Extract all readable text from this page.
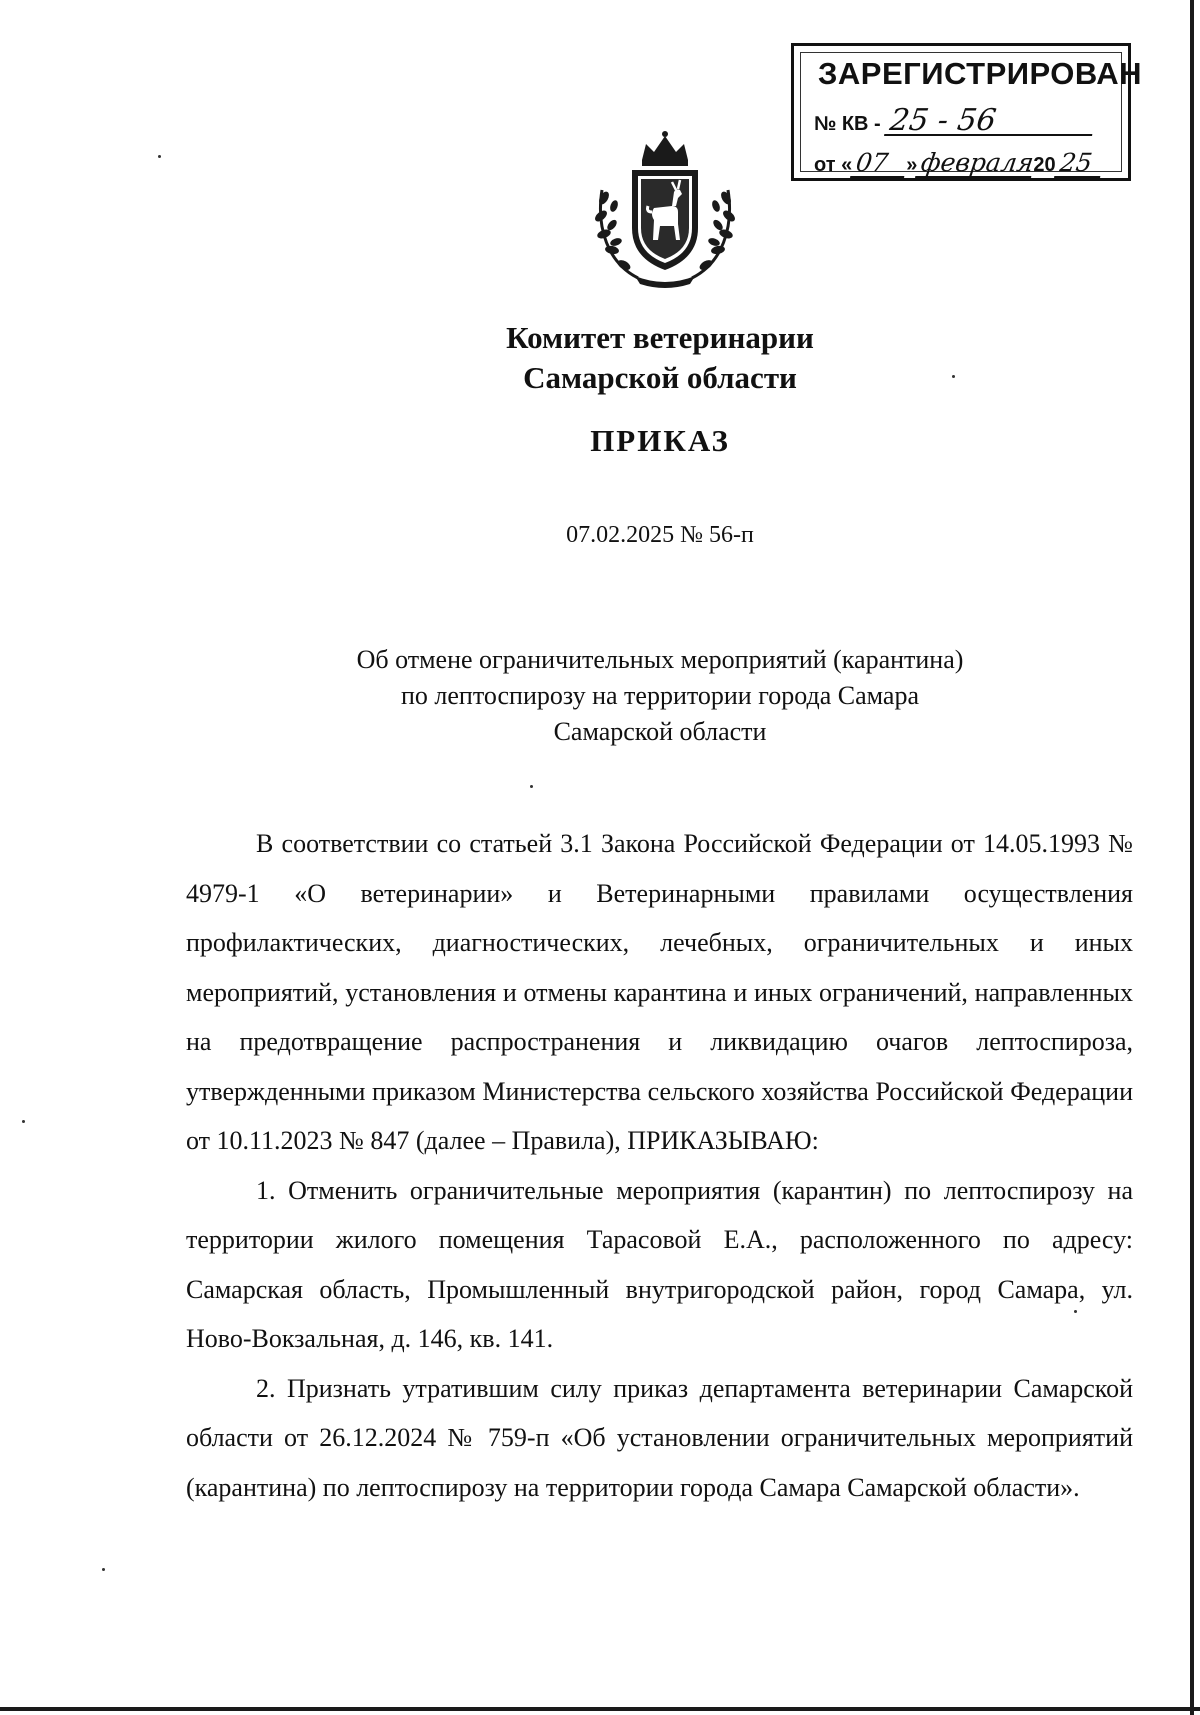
ЗАРЕГИСТРИРОВАН
№ КВ - 25 - 56
от «07 »февраля2025
Комитет ветеринарии
Самарской области
ПРИКАЗ
07.02.2025 № 56-п
Об отмене ограничительных мероприятий (карантина)
по лептоспирозу на территории города Самара
Самарской области

В соответствии со статьей 3.1 Закона Российской Федерации от 14.05.1993 № 4979-1 «О ветеринарии» и Ветеринарными правилами осуществления профилактических, диагностических, лечебных, ограничительных и иных мероприятий, установления и отмены карантина и иных ограничений, направленных на предотвращение распространения и ликвидацию очагов лептоспироза, утвержденными приказом Министерства сельского хозяйства Российской Федерации от 10.11.2023 № 847 (далее – Правила), ПРИКАЗЫВАЮ:

1. Отменить ограничительные мероприятия (карантин) по лептоспирозу на территории жилого помещения Тарасовой Е.А., расположенного по адресу: Самарская область, Промышленный внутригородской район, город Самара, ул. Ново-Вокзальная, д. 146, кв. 141.

2. Признать утратившим силу приказ департамента ветеринарии Самарской области от 26.12.2024 № 759-п «Об установлении ограничительных мероприятий (карантина) по лептоспирозу на территории города Самара Самарской области».
